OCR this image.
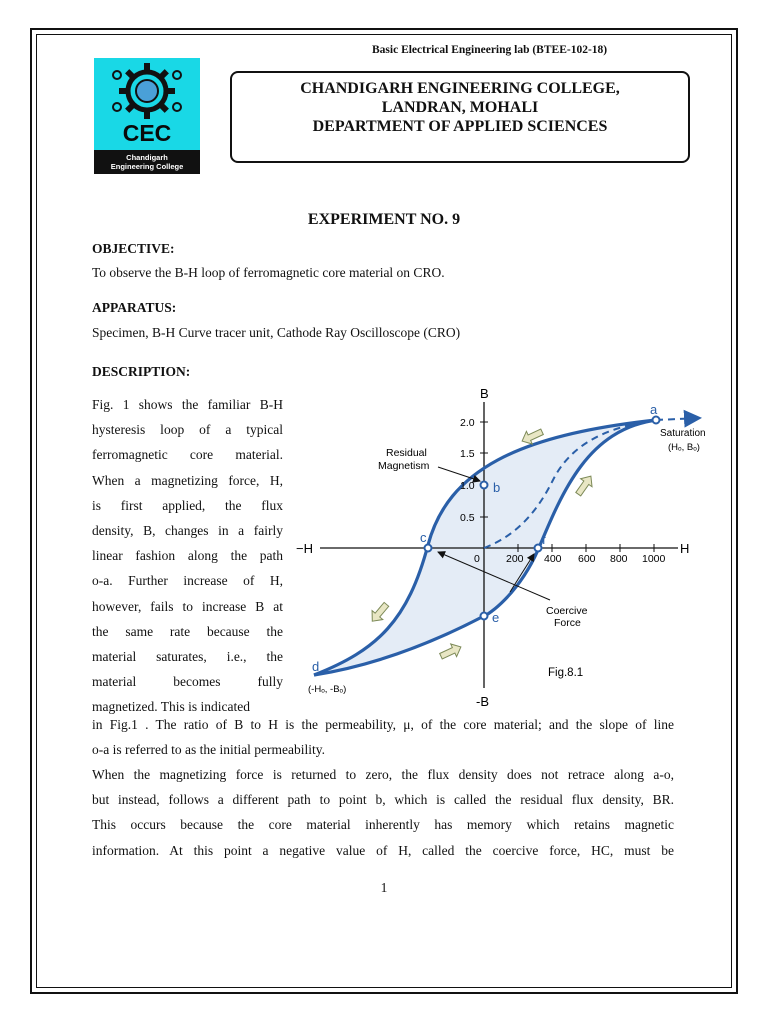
Basic Electrical Engineering lab (BTEE-102-18)
CEC
Chandigarh
Engineering College
CHANDIGARH ENGINEERING COLLEGE,
LANDRAN, MOHALI
DEPARTMENT OF APPLIED SCIENCES
EXPERIMENT NO. 9
OBJECTIVE:
To observe the B-H loop of ferromagnetic core material on CRO.
APPARATUS:
Specimen, B-H Curve tracer unit, Cathode Ray Oscilloscope (CRO)
DESCRIPTION:
Fig. 1 shows the familiar B-H
hysteresis loop of a typical
ferromagnetic core material.
When a magnetizing force, H,
is first applied, the flux
density, B, changes in a fairly
linear fashion along the path
o-a. Further increase of H,
however, fails to increase B at
the same rate because the
material saturates, i.e., the
material becomes fully
magnetized. This is indicated
B
-B
H
−H
2.0
1.5
1.0
0.5
0 200 400 600 800 1000
a
b
c
d
e
f
Saturation
(Hₒ, Bₒ)
(-Hₒ, -Bₒ)
Residual
Magnetism
Coercive
Force
Fig.8.1
in Fig.1 . The ratio of B to H is the permeability, μ, of the core material; and the slope of line
o-a is referred to as the initial permeability.
When the magnetizing force is returned to zero, the flux density does not retrace along a-o,
but instead, follows a different path to point b, which is called the residual flux density, BR.
This occurs because the core material inherently has memory which retains magnetic
information. At this point a negative value of H, called the coercive force, HC, must be
1
